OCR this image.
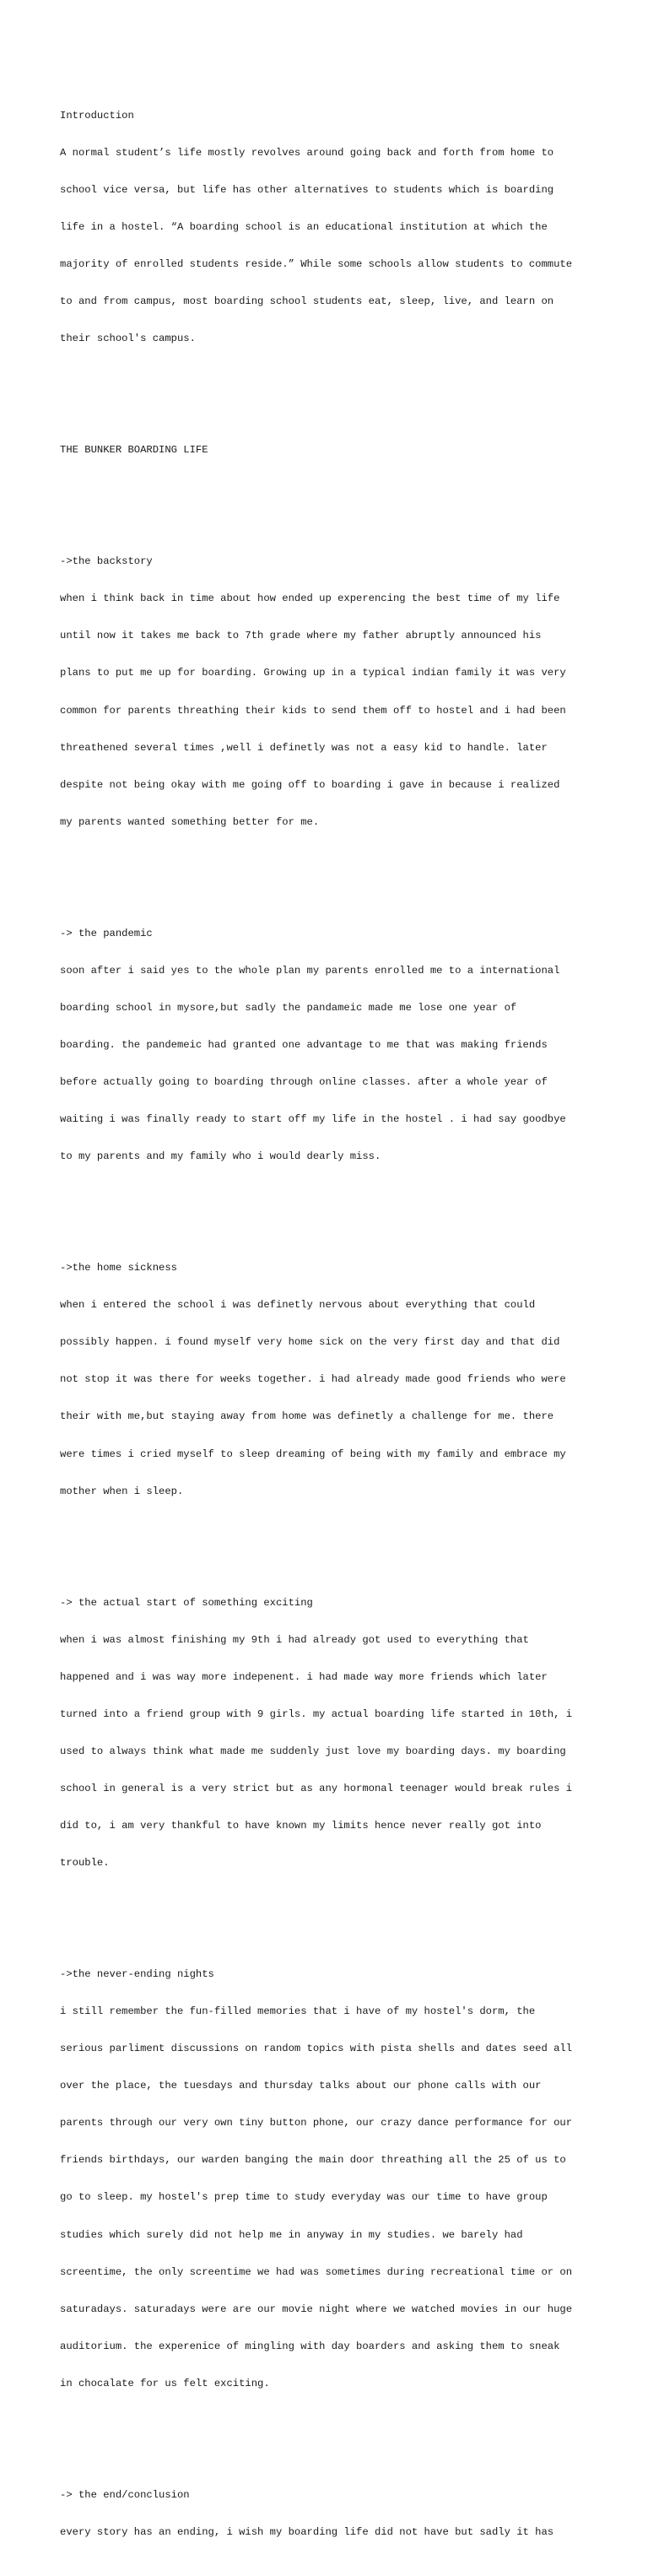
Introduction

A normal student’s life mostly revolves around going back and forth from home to

school vice versa, but life has other alternatives to students which is boarding

life in a hostel. “A boarding school is an educational institution at which the

majority of enrolled students reside.” While some schools allow students to commute

to and from campus, most boarding school students eat, sleep, live, and learn on

their school's campus.

THE BUNKER BOARDING LIFE

->the backstory

when i think back in time about how ended up experencing the best time of my life

until now it takes me back to 7th grade where my father abruptly announced his

plans to put me up for boarding. Growing up in a typical indian family it was very

common for parents threathing their kids to send them off to hostel and i had been

threathened several times ,well i definetly was not a easy kid to handle. later

despite not being okay with me going off to boarding i gave in because i realized

my parents wanted something better for me.

-> the pandemic

soon after i said yes to the whole plan my parents enrolled me to a international

boarding school in mysore,but sadly the pandameic made me lose one year of

boarding. the pandemeic had granted one advantage to me that was making friends

before actually going to boarding through online classes. after a whole year of

waiting i was finally ready to start off my life in the hostel . i had say goodbye

to my parents and my family who i would dearly miss.

->the home sickness

when i entered the school i was definetly nervous about everything that could

possibly happen. i found myself very home sick on the very first day and that did

not stop it was there for weeks together. i had already made good friends who were

their with me,but staying away from home was definetly a challenge for me. there

were times i cried myself to sleep dreaming of being with my family and embrace my

mother when i sleep.

-> the actual start of something exciting

when i was almost finishing my 9th i had already got used to everything that

happened and i was way more indepenent. i had made way more friends which later

turned into a friend group with 9 girls. my actual boarding life started in 10th, i

used to always think what made me suddenly just love my boarding days. my boarding

school in general is a very strict but as any hormonal teenager would break rules i

did to, i am very thankful to have known my limits hence never really got into

trouble.

->the never-ending nights

i still remember the fun-filled memories that i have of my hostel's dorm, the

serious parliment discussions on random topics with pista shells and dates seed all

over the place, the tuesdays and thursday talks about our phone calls with our

parents through our very own tiny button phone, our crazy dance performance for our

friends birthdays, our warden banging the main door threathing all the 25 of us to

go to sleep. my hostel's prep time to study everyday was our time to have group

studies which surely did not help me in anyway in my studies. we barely had

screentime, the only screentime we had was sometimes during recreational time or on

saturadays. saturadays were are our movie night where we watched movies in our huge

auditorium. the experenice of mingling with day boarders and asking them to sneak

in chocalate for us felt exciting.

-> the end/conclusion

every story has an ending, i wish my boarding life did not have but sadly it has
